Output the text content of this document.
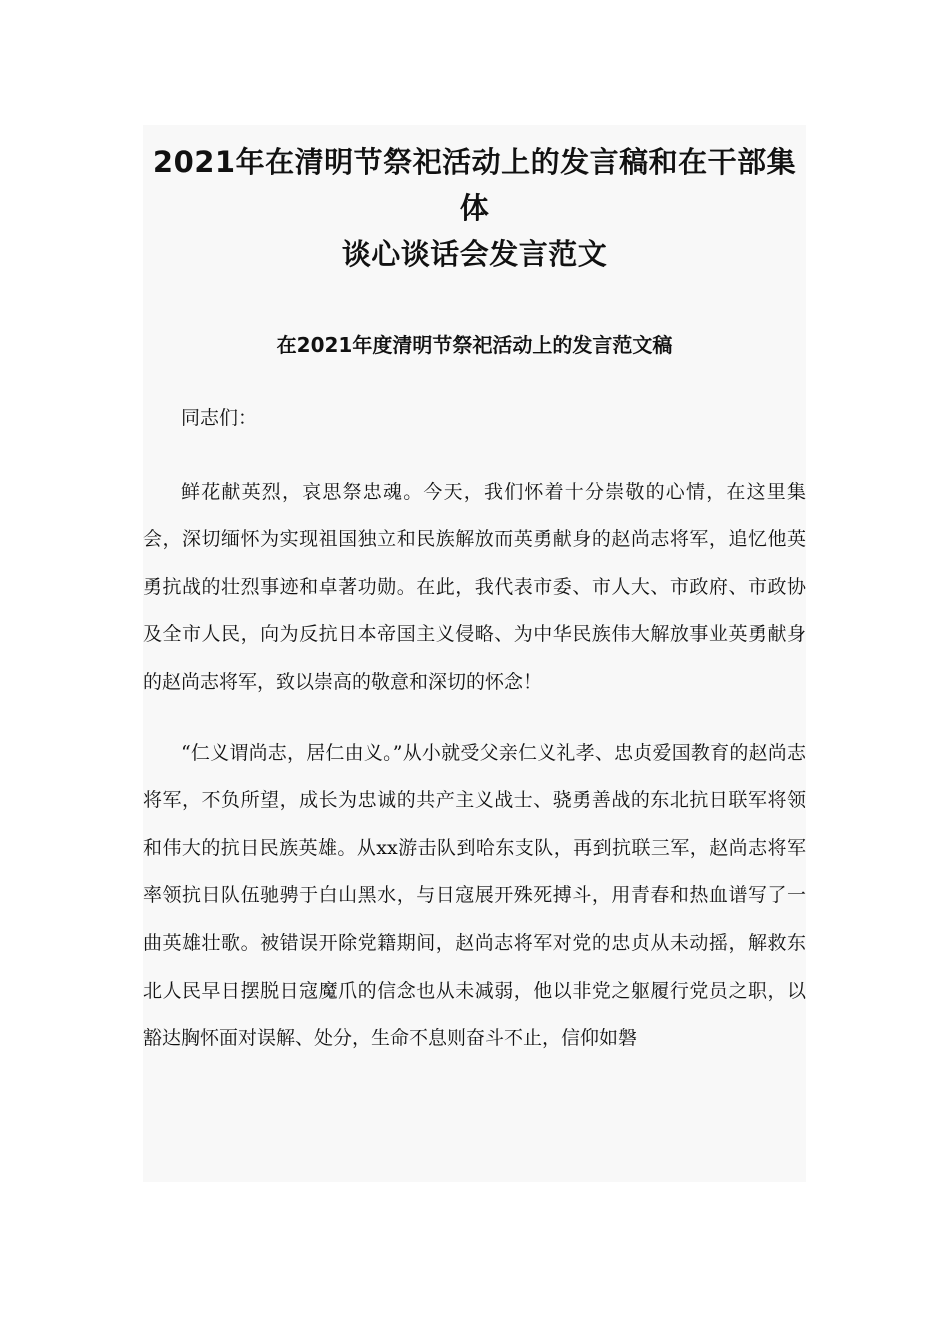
2021年在清明节祭祀活动上的发言稿和在干部集体
谈心谈话会发言范文
在2021年度清明节祭祀活动上的发言范文稿

同志们：

鲜花献英烈，哀思祭忠魂。今天，我们怀着十分崇敬的心情，在这里集会，深切缅怀为实现祖国独立和民族解放而英勇献身的赵尚志将军，追忆他英勇抗战的壮烈事迹和卓著功勋。在此，我代表市委、市人大、市政府、市政协及全市人民，向为反抗日本帝国主义侵略、为中华民族伟大解放事业英勇献身的赵尚志将军，致以崇高的敬意和深切的怀念！

“仁义谓尚志，居仁由义。”从小就受父亲仁义礼孝、忠贞爱国教育的赵尚志将军，不负所望，成长为忠诚的共产主义战士、骁勇善战的东北抗日联军将领和伟大的抗日民族英雄。从xx游击队到哈东支队，再到抗联三军，赵尚志将军率领抗日队伍驰骋于白山黑水，与日寇展开殊死搏斗，用青春和热血谱写了一曲英雄壮歌。被错误开除党籍期间，赵尚志将军对党的忠贞从未动摇，解救东北人民早日摆脱日寇魔爪的信念也从未减弱，他以非党之躯履行党员之职，以豁达胸怀面对误解、处分，生命不息则奋斗不止，信仰如磐
